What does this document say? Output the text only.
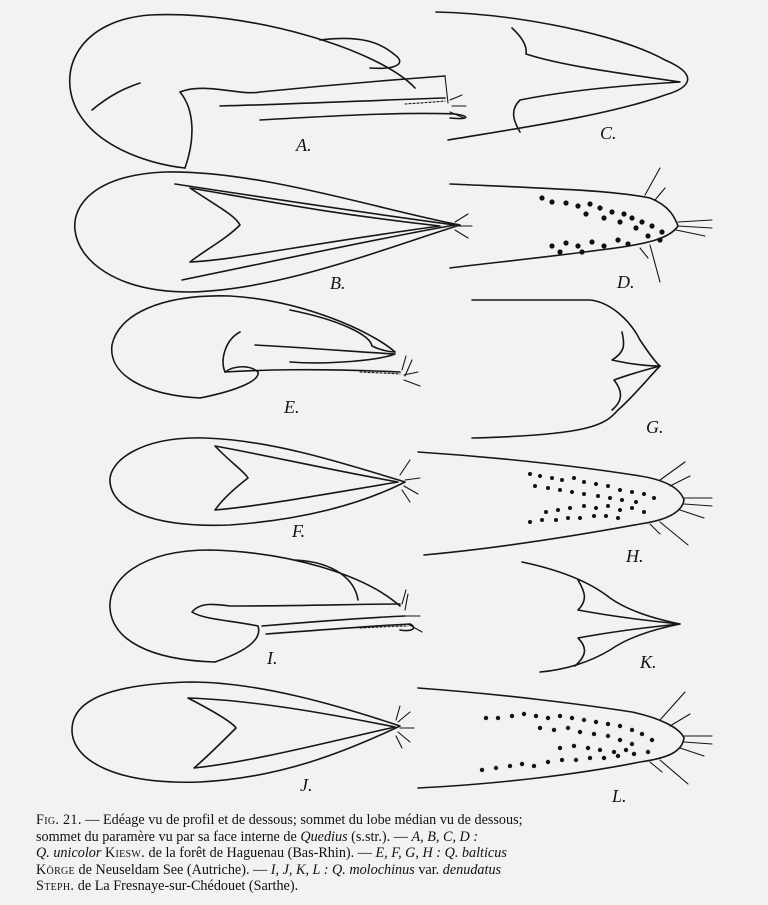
A.
B.
C.
D.
E.
F.
G.
H.
I.
J.
K.
L.
Fig. 21. — Edéage vu de profil et de dessous; sommet du lobe médian vu de dessous;
sommet du paramère vu par sa face interne de Quedius (s.str.). — A, B, C, D :
Q. unicolor Kiesw. de la forêt de Haguenau (Bas-Rhin). — E, F, G, H : Q. balticus
Körge de Neuseldam See (Autriche). — I, J, K, L : Q. molochinus var. denudatus
Steph. de La Fresnaye-sur-Chédouet (Sarthe).
